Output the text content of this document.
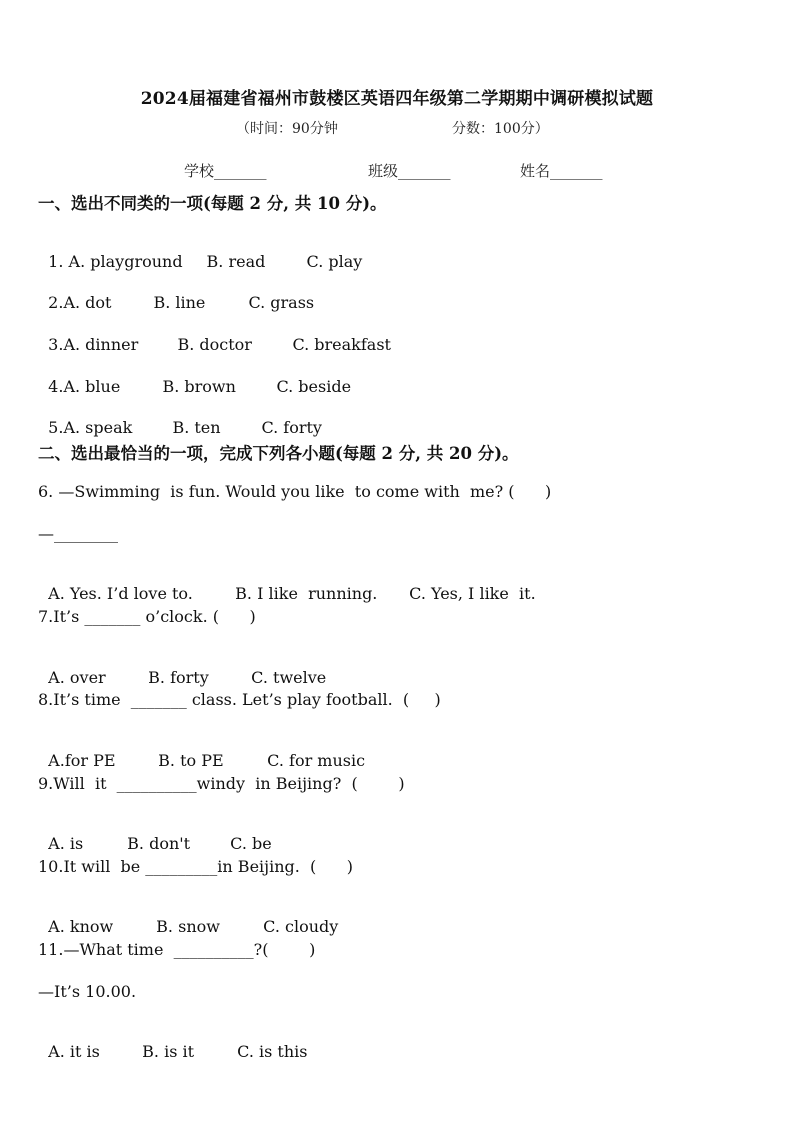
2024届福建省福州市鼓楼区英语四年级第二学期期中调研模拟试题
（时间：90分钟	分数：100分）
学校_______	班级_______	姓名_______
一、选出不同类的一项(每题 2 分, 共 10 分)。

1. A. playground B. read	C. play

2.A. dot	B. line	C. grass

3.A. dinner B. doctor	C. breakfast

4.A. blue	B. brown	C. beside

5.A. speak	B. ten	C. forty

二、选出最恰当的一项，完成下列各小题(每题 2 分, 共 20 分)。
6. —Swimming  is fun. Would you like  to come with  me? (      )
—________

A. Yes. I’d love to.	B. I like  running. C. Yes, I like  it.

7.It’s _______ o’clock. (      )

A. over	B. forty	C. twelve

8.It’s time  _______ class. Let’s play football.  (     )

A.for PE	B. to PE	C. for music

9.Will  it  __________windy  in Beijing?  (        )

A. is	B. don't	C. be

10.It will  be _________in Beijing.  (      )

A. know	B. snow	C. cloudy

11.—What time  __________?(        )
—It’s 10.00.

A. it is	B. is it	C. is this
